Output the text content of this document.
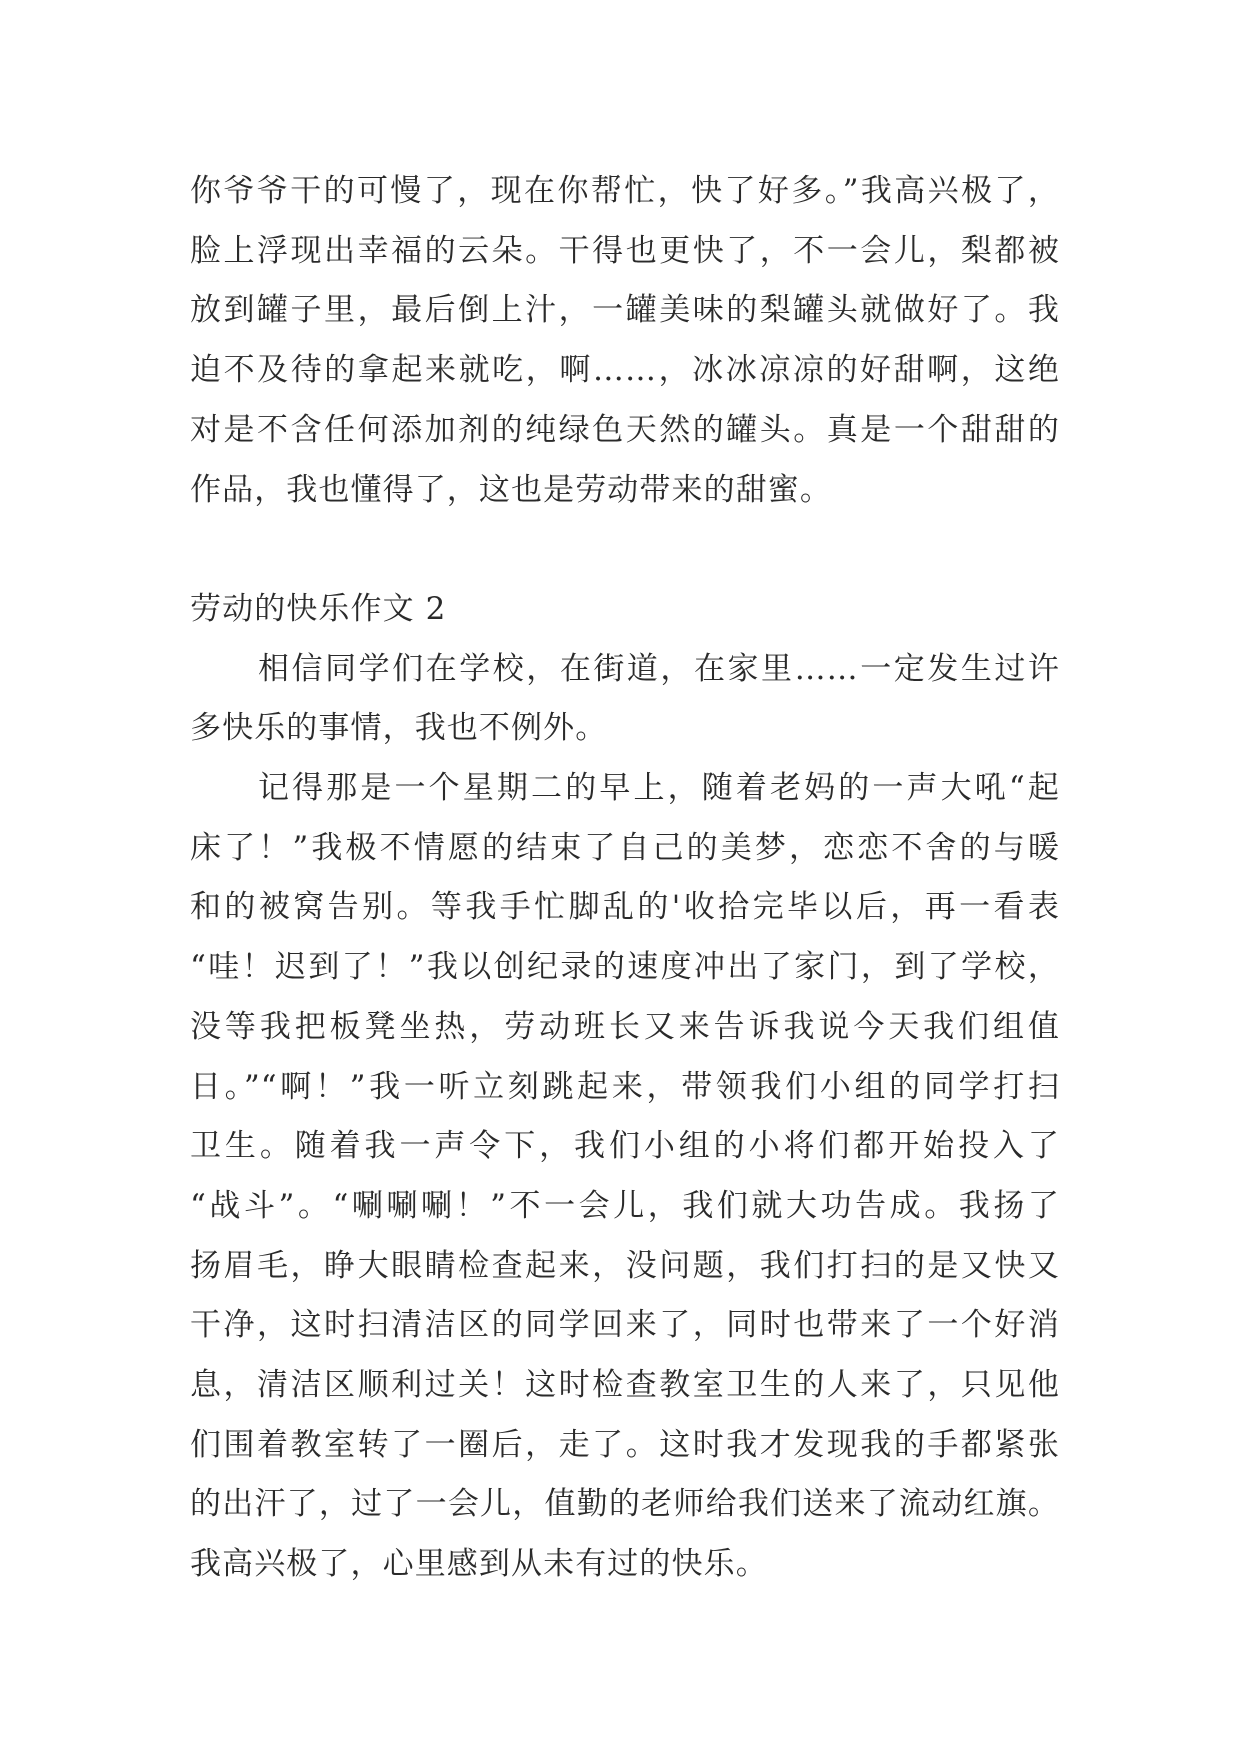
你爷爷干的可慢了，现在你帮忙，快了好多。”我高兴极了，
脸上浮现出幸福的云朵。干得也更快了，不一会儿，梨都被
放到罐子里，最后倒上汁，一罐美味的梨罐头就做好了。我
迫不及待的拿起来就吃，啊……，冰冰凉凉的好甜啊，这绝
对是不含任何添加剂的纯绿色天然的罐头。真是一个甜甜的
作品，我也懂得了，这也是劳动带来的甜蜜。
劳动的快乐作文 2
相信同学们在学校，在街道，在家里……一定发生过许
多快乐的事情，我也不例外。
记得那是一个星期二的早上，随着老妈的一声大吼“起
床了！”我极不情愿的结束了自己的美梦，恋恋不舍的与暖
和的被窝告别。等我手忙脚乱的'收拾完毕以后，再一看表
“哇！迟到了！”我以创纪录的速度冲出了家门，到了学校，
没等我把板凳坐热，劳动班长又来告诉我说今天我们组值
日。”“啊！”我一听立刻跳起来，带领我们小组的同学打扫
卫生。随着我一声令下，我们小组的小将们都开始投入了
“战斗”。“唰唰唰！”不一会儿，我们就大功告成。我扬了
扬眉毛，睁大眼睛检查起来，没问题，我们打扫的是又快又
干净，这时扫清洁区的同学回来了，同时也带来了一个好消
息，清洁区顺利过关！这时检查教室卫生的人来了，只见他
们围着教室转了一圈后，走了。这时我才发现我的手都紧张
的出汗了，过了一会儿，值勤的老师给我们送来了流动红旗。
我高兴极了，心里感到从未有过的快乐。
